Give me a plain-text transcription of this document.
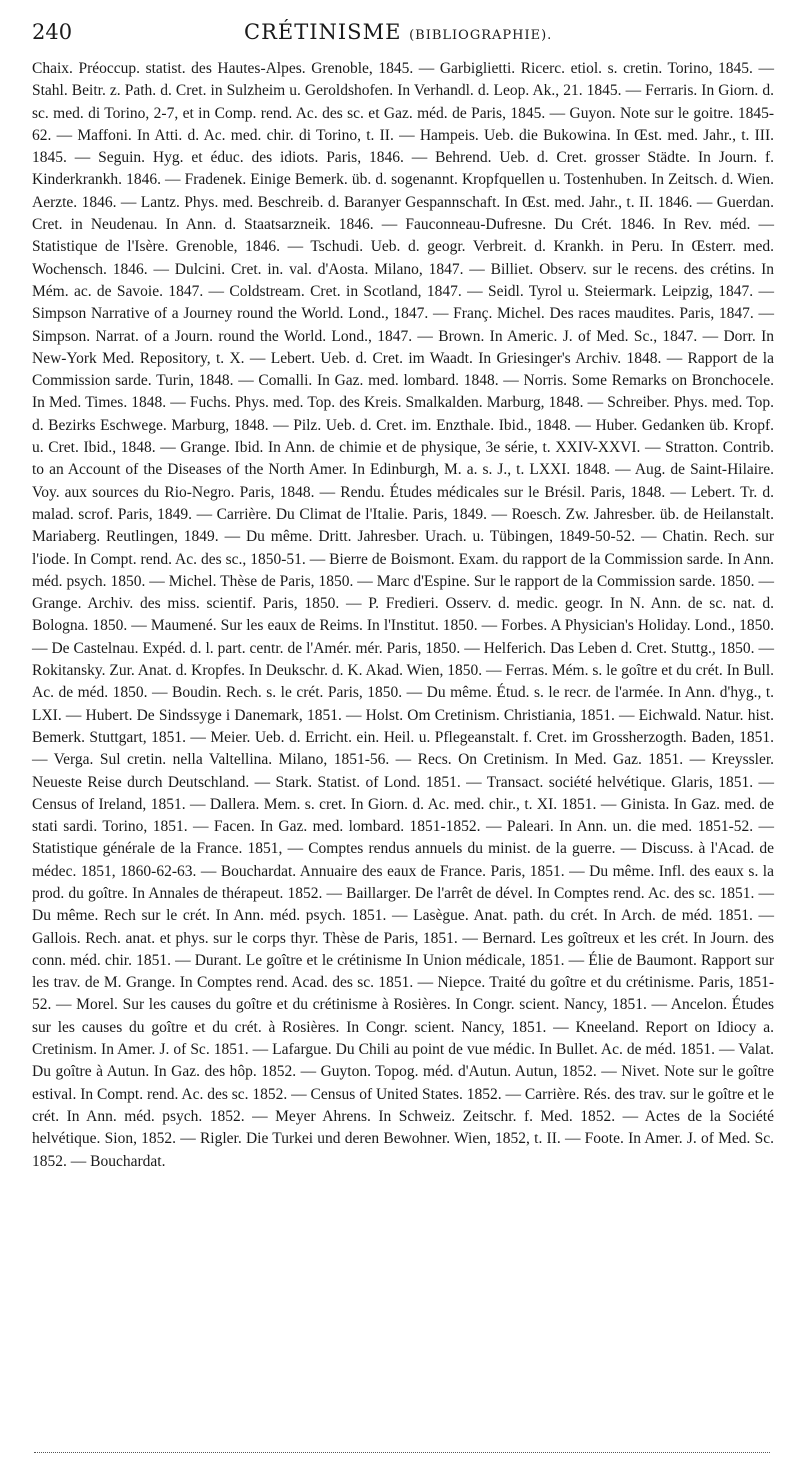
240	CRÉTINISME (BIBLIOGRAPHIE).

Chaix. Préoccup. statist. des Hautes-Alpes. Grenoble, 1845. — Garbiglietti. Ricerc. etiol. s. cretin. Torino, 1845. — Stahl. Beitr. z. Path. d. Cret. in Sulzheim u. Geroldshofen. In Verhandl. d. Leop. Ak., 21. 1845. — Ferraris. In Giorn. d. sc. med. di Torino, 2-7, et in Comp. rend. Ac. des sc. et Gaz. méd. de Paris, 1845. — Guyon. Note sur le goitre. 1845-62. — Maffoni. In Atti. d. Ac. med. chir. di Torino, t. II. — Hampeis. Ueb. die Bukowina. In Œst. med. Jahr., t. III. 1845. — Seguin. Hyg. et éduc. des idiots. Paris, 1846. — Behrend. Ueb. d. Cret. grosser Städte. In Journ. f. Kinderkrankh. 1846. — Fradenek. Einige Bemerk. üb. d. sogenannt. Kropfquellen u. Tostenhuben. In Zeitsch. d. Wien. Aerzte. 1846. — Lantz. Phys. med. Beschreib. d. Baranyer Gespannschaft. In Œst. med. Jahr., t. II. 1846. — Guerdan. Cret. in Neudenau. In Ann. d. Staatsarzneik. 1846. — Fauconneau-Dufresne. Du Crét. 1846. In Rev. méd. — Statistique de l'Isère. Grenoble, 1846. — Tschudi. Ueb. d. geogr. Verbreit. d. Krankh. in Peru. In Œsterr. med. Wochensch. 1846. — Dulcini. Cret. in. val. d'Aosta. Milano, 1847. — Billiet. Observ. sur le recens. des crétins. In Mém. ac. de Savoie. 1847. — Coldstream. Cret. in Scotland, 1847. — Seidl. Tyrol u. Steiermark. Leipzig, 1847. — Simpson Narrative of a Journey round the World. Lond., 1847. — Franç. Michel. Des races maudites. Paris, 1847. — Simpson. Narrat. of a Journ. round the World. Lond., 1847. — Brown. In Americ. J. of Med. Sc., 1847. — Dorr. In New-York Med. Repository, t. X. — Lebert. Ueb. d. Cret. im Waadt. In Griesinger's Archiv. 1848. — Rapport de la Commission sarde. Turin, 1848. — Comalli. In Gaz. med. lombard. 1848. — Norris. Some Remarks on Bronchocele. In Med. Times. 1848. — Fuchs. Phys. med. Top. des Kreis. Smalkalden. Marburg, 1848. — Schreiber. Phys. med. Top. d. Bezirks Eschwege. Marburg, 1848. — Pilz. Ueb. d. Cret. im. Enzthale. Ibid., 1848. — Huber. Gedanken üb. Kropf. u. Cret. Ibid., 1848. — Grange. Ibid. In Ann. de chimie et de physique, 3e série, t. XXIV-XXVI. — Stratton. Contrib. to an Account of the Diseases of the North Amer. In Edinburgh, M. a. s. J., t. LXXI. 1848. — Aug. de Saint-Hilaire. Voy. aux sources du Rio-Negro. Paris, 1848. — Rendu. Études médicales sur le Brésil. Paris, 1848. — Lebert. Tr. d. malad. scrof. Paris, 1849. — Carrière. Du Climat de l'Italie. Paris, 1849. — Roesch. Zw. Jahresber. üb. de Heilanstalt. Mariaberg. Reutlingen, 1849. — Du même. Dritt. Jahresber. Urach. u. Tübingen, 1849-50-52. — Chatin. Rech. sur l'iode. In Compt. rend. Ac. des sc., 1850-51. — Bierre de Boismont. Exam. du rapport de la Commission sarde. In Ann. méd. psych. 1850. — Michel. Thèse de Paris, 1850. — Marc d'Espine. Sur le rapport de la Commission sarde. 1850. — Grange. Archiv. des miss. scientif. Paris, 1850. — P. Fredieri. Osserv. d. medic. geogr. In N. Ann. de sc. nat. d. Bologna. 1850. — Maumené. Sur les eaux de Reims. In l'Institut. 1850. — Forbes. A Physician's Holiday. Lond., 1850. — De Castelnau. Expéd. d. l. part. centr. de l'Amér. mér. Paris, 1850. — Helferich. Das Leben d. Cret. Stuttg., 1850. — Rokitansky. Zur. Anat. d. Kropfes. In Deukschr. d. K. Akad. Wien, 1850. — Ferras. Mém. s. le goître et du crét. In Bull. Ac. de méd. 1850. — Boudin. Rech. s. le crét. Paris, 1850. — Du même. Étud. s. le recr. de l'armée. In Ann. d'hyg., t. LXI. — Hubert. De Sindssyge i Danemark, 1851. — Holst. Om Cretinism. Christiania, 1851. — Eichwald. Natur. hist. Bemerk. Stuttgart, 1851. — Meier. Ueb. d. Erricht. ein. Heil. u. Pflegeanstalt. f. Cret. im Grossherzogth. Baden, 1851. — Verga. Sul cretin. nella Valtellina. Milano, 1851-56. — Recs. On Cretinism. In Med. Gaz. 1851. — Kreyssler. Neueste Reise durch Deutschland. — Stark. Statist. of Lond. 1851. — Transact. société helvétique. Glaris, 1851. — Census of Ireland, 1851. — Dallera. Mem. s. cret. In Giorn. d. Ac. med. chir., t. XI. 1851. — Ginista. In Gaz. med. de stati sardi. Torino, 1851. — Facen. In Gaz. med. lombard. 1851-1852. — Paleari. In Ann. un. die med. 1851-52. — Statistique générale de la France. 1851, — Comptes rendus annuels du minist. de la guerre. — Discuss. à l'Acad. de médec. 1851, 1860-62-63. — Bouchardat. Annuaire des eaux de France. Paris, 1851. — Du même. Infl. des eaux s. la prod. du goître. In Annales de thérapeut. 1852. — Baillarger. De l'arrêt de dével. In Comptes rend. Ac. des sc. 1851. — Du même. Rech sur le crét. In Ann. méd. psych. 1851. — Lasègue. Anat. path. du crét. In Arch. de méd. 1851. — Gallois. Rech. anat. et phys. sur le corps thyr. Thèse de Paris, 1851. — Bernard. Les goîtreux et les crét. In Journ. des conn. méd. chir. 1851. — Durant. Le goître et le crétinisme In Union médicale, 1851. — Élie de Baumont. Rapport sur les trav. de M. Grange. In Comptes rend. Acad. des sc. 1851. — Niepce. Traité du goître et du crétinisme. Paris, 1851-52. — Morel. Sur les causes du goître et du crétinisme à Rosières. In Congr. scient. Nancy, 1851. — Ancelon. Études sur les causes du goître et du crét. à Rosières. In Congr. scient. Nancy, 1851. — Kneeland. Report on Idiocy a. Cretinism. In Amer. J. of Sc. 1851. — Lafargue. Du Chili au point de vue médic. In Bullet. Ac. de méd. 1851. — Valat. Du goître à Autun. In Gaz. des hôp. 1852. — Guyton. Topog. méd. d'Autun. Autun, 1852. — Nivet. Note sur le goître estival. In Compt. rend. Ac. des sc. 1852. — Census of United States. 1852. — Carrière. Rés. des trav. sur le goître et le crét. In Ann. méd. psych. 1852. — Meyer Ahrens. In Schweiz. Zeitschr. f. Med. 1852. — Actes de la Société helvétique. Sion, 1852. — Rigler. Die Turkei und deren Bewohner. Wien, 1852, t. II. — Foote. In Amer. J. of Med. Sc. 1852. — Bouchardat.
